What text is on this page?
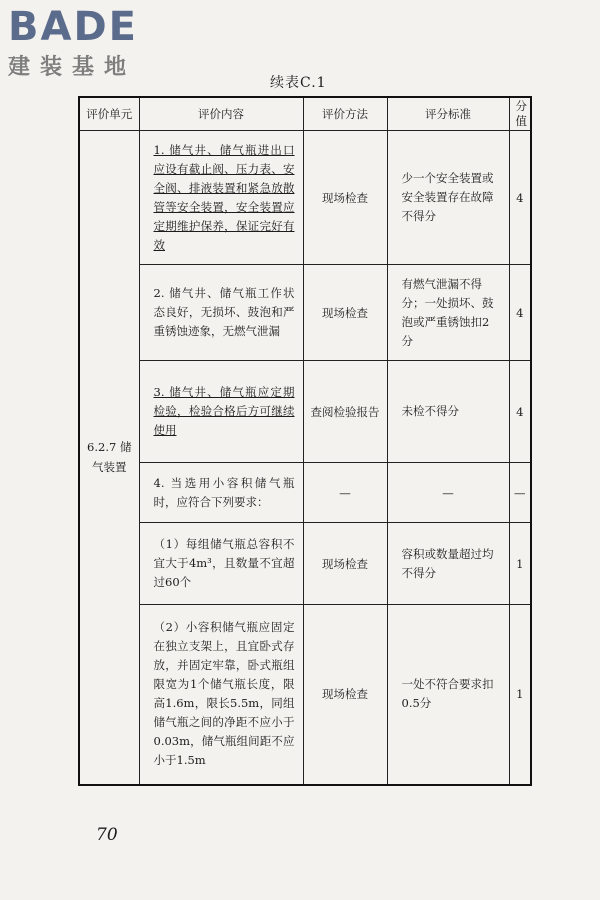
BADE
建装基地
续表C.1
评价单元	评价内容	评价方法	评分标准	分值
6.2.7 储气装置	1. 储气井、储气瓶进出口应设有截止阀、压力表、安全阀、排液装置和紧急放散管等安全装置，安全装置应定期维护保养，保证完好有效	现场检查	少一个安全装置或安全装置存在故障不得分	4
	2. 储气井、储气瓶工作状态良好，无损坏、鼓泡和严重锈蚀迹象，无燃气泄漏	现场检查	有燃气泄漏不得分；一处损坏、鼓泡或严重锈蚀扣2分	4
	3. 储气井、储气瓶应定期检验，检验合格后方可继续使用	查阅检验报告	未检不得分	4
	4. 当选用小容积储气瓶时，应符合下列要求：	—	—	—
	（1）每组储气瓶总容积不宜大于4m³，且数量不宜超过60个	现场检查	容积或数量超过均不得分	1
	（2）小容积储气瓶应固定在独立支架上，且宜卧式存放，并固定牢靠，卧式瓶组限宽为1个储气瓶长度，限高1.6m，限长5.5m，同组储气瓶之间的净距不应小于0.03m，储气瓶组间距不应小于1.5m	现场检查	一处不符合要求扣0.5分	1
70
